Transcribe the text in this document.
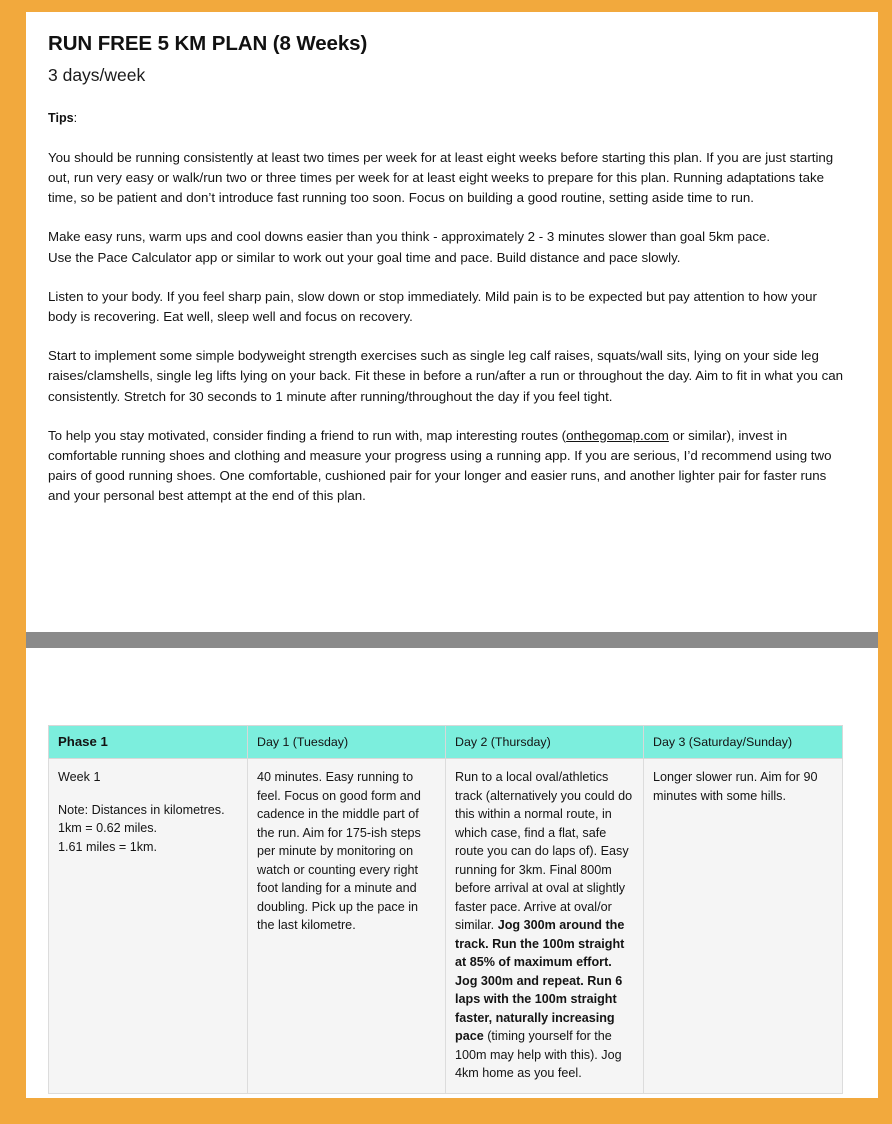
RUN FREE 5 KM PLAN (8 Weeks)
3 days/week
Tips:

You should be running consistently at least two times per week for at least eight weeks before starting this plan. If you are just starting out, run very easy or walk/run two or three times per week for at least eight weeks to prepare for this plan. Running adaptations take time, so be patient and don’t introduce fast running too soon. Focus on building a good routine, setting aside time to run.

Make easy runs, warm ups and cool downs easier than you think - approximately 2 - 3 minutes slower than goal 5km pace.

Use the Pace Calculator app or similar to work out your goal time and pace. Build distance and pace slowly.

Listen to your body. If you feel sharp pain, slow down or stop immediately. Mild pain is to be expected but pay attention to how your body is recovering. Eat well, sleep well and focus on recovery.

Start to implement some simple bodyweight strength exercises such as single leg calf raises, squats/wall sits, lying on your side leg raises/clamshells, single leg lifts lying on your back. Fit these in before a run/after a run or throughout the day. Aim to fit in what you can consistently. Stretch for 30 seconds to 1 minute after running/throughout the day if you feel tight.

To help you stay motivated, consider finding a friend to run with, map interesting routes (onthegomap.com or similar), invest in comfortable running shoes and clothing and measure your progress using a running app. If you are serious, I’d recommend using two pairs of good running shoes. One comfortable, cushioned pair for your longer and easier runs, and another lighter pair for faster runs and your personal best attempt at the end of this plan.

Phase 1	Day 1 (Tuesday)	Day 2 (Thursday)	Day 3 (Saturday/Sunday)

Week 1
Note: Distances in kilometres.
1km = 0.62 miles.
1.61 miles = 1km.
	40 minutes. Easy running to feel. Focus on good form and cadence in the middle part of the run. Aim for 175-ish steps per minute by monitoring on watch or counting every right foot landing for a minute and doubling. Pick up the pace in the last kilometre.	Run to a local oval/athletics track (alternatively you could do this within a normal route, in which case, find a flat, safe route you can do laps of). Easy running for 3km. Final 800m before arrival at oval at slightly faster pace. Arrive at oval/or similar. Jog 300m around the track. Run the 100m straight at 85% of maximum effort. Jog 300m and repeat. Run 6 laps with the 100m straight faster, naturally increasing pace (timing yourself for the 100m may help with this). Jog 4km home as you feel.	Longer slower run. Aim for 90 minutes with some hills.
